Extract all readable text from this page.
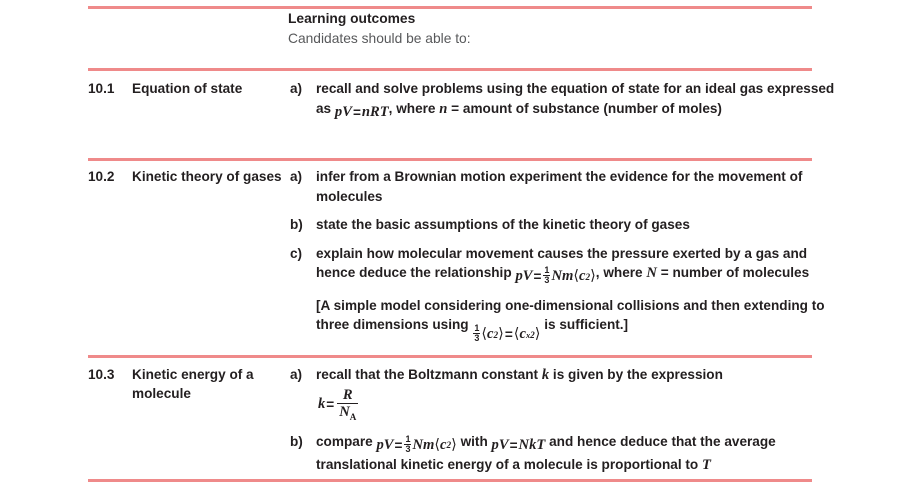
Learning outcomes
Candidates should be able to:
10.1	Equation of state	a)	recall and solve problems using the equation of state for an ideal gas expressed as pV = nRT , where n = amount of substance (number of moles)
10.2	Kinetic theory of gases a)	infer from a Brownian motion experiment the evidence for the movement of molecules
b) state the basic assumptions of the kinetic theory of gases
c)	explain how molecular movement causes the pressure exerted by a gas and hence deduce the relationship pV = $\frac{1}{3}$ Nm ⟨ c 2 ⟩ , where N = number of molecules
[A simple model considering one-dimensional collisions and then extending to three dimensions using $\frac{1}{3}$ ⟨ c 2 ⟩ = ⟨ c x 2 ⟩
is sufficient.]
10.3	Kinetic energy of a molecule
a)	recall that the Boltzmann constant k is given by the expression
$k = \frac{R}{N_A}$
b) compare pV = $\frac{1}{3}$ Nm ⟨ c 2 ⟩ with pV = NkT and hence deduce that the average translational kinetic energy of a molecule is proportional to T
